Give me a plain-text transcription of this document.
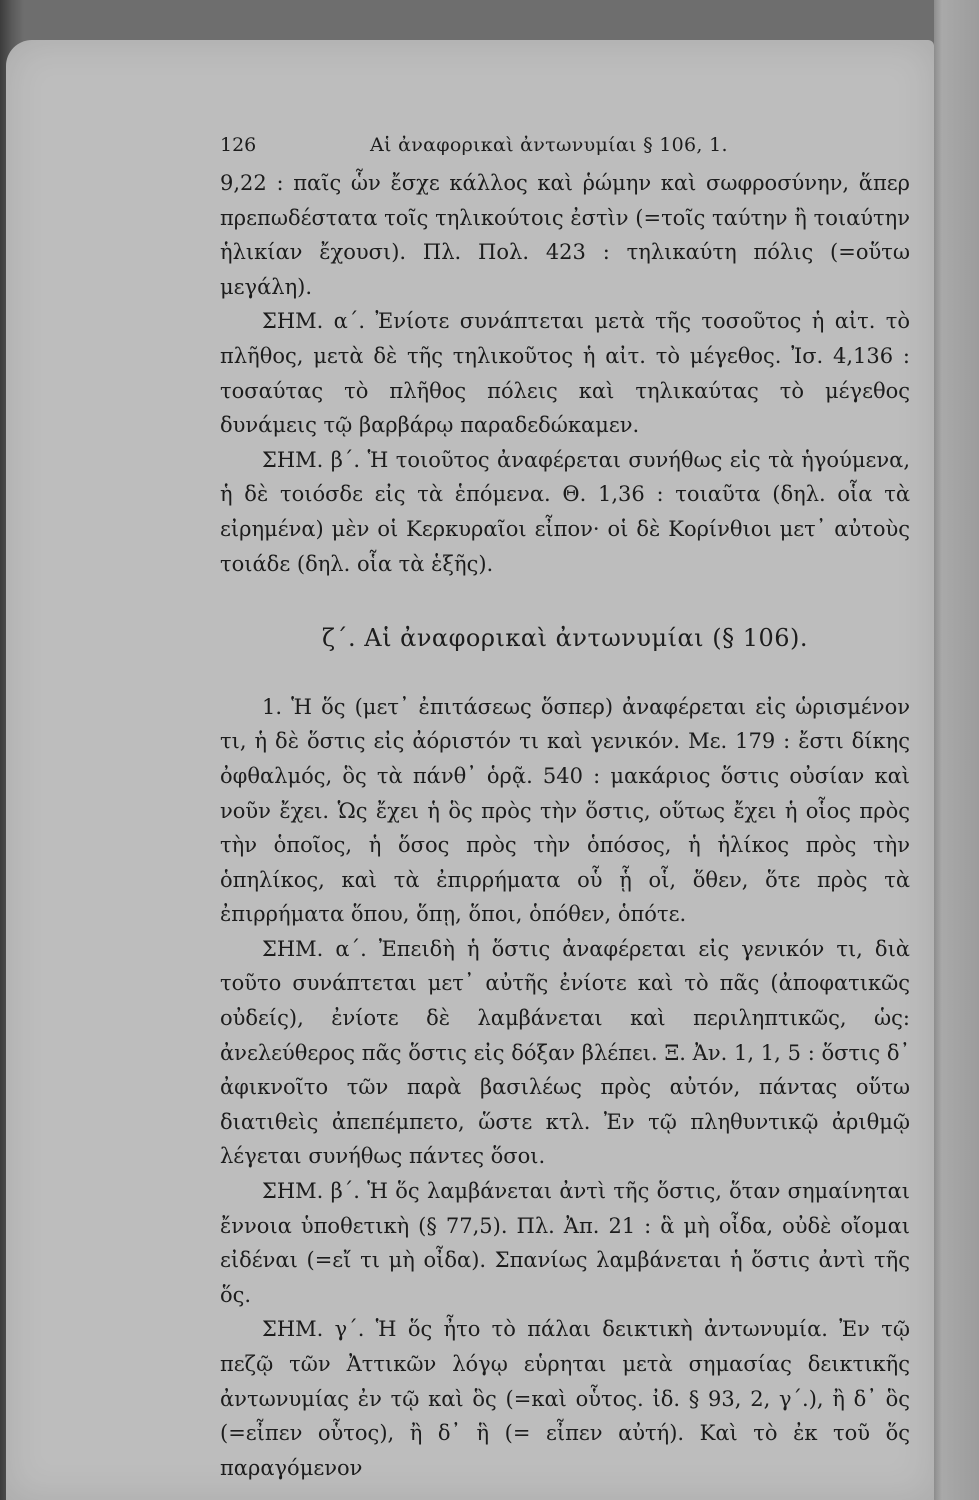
126	Αἱ ἀναφορικαὶ ἀντωνυμίαι § 106, 1.

9,22 : παῖς ὧν ἔσχε κάλλος καὶ ῥώμην καὶ σωφροσύνην, ἅπερ πρεπωδέστατα τοῖς τηλικούτοις ἐστὶν (=τοῖς ταύτην ἢ τοιαύτην ἡλικίαν ἔχουσι). Πλ. Πολ. 423 : τηλικαύτη πόλις (=οὕτω μεγάλη).

ΣΗΜ. α΄. Ἐνίοτε συνάπτεται μετὰ τῆς τοσοῦτος ἡ αἰτ. τὸ πλῆθος, μετὰ δὲ τῆς τηλικοῦτος ἡ αἰτ. τὸ μέγεθος. Ἰσ. 4,136 : τοσαύτας τὸ πλῆθος πόλεις καὶ τηλικαύτας τὸ μέγεθος δυνάμεις τῷ βαρβάρῳ παραδεδώκαμεν.

ΣΗΜ. β΄. Ἡ τοιοῦτος ἀναφέρεται συνήθως εἰς τὰ ἡγούμενα, ἡ δὲ τοιόσδε εἰς τὰ ἑπόμενα. Θ. 1,36 : τοιαῦτα (δηλ. οἷα τὰ εἰρημένα) μὲν οἱ Κερκυραῖοι εἶπον· οἱ δὲ Κορίνθιοι μετ᾽ αὐτοὺς τοιάδε (δηλ. οἷα τὰ ἑξῆς).

ζ΄. Αἱ ἀναφορικαὶ ἀντωνυμίαι (§ 106).

1. Ἡ ὅς (μετ᾽ ἐπιτάσεως ὅσπερ) ἀναφέρεται εἰς ὡρισμένον τι, ἡ δὲ ὅστις εἰς ἀόριστόν τι καὶ γενικόν. Με. 179 : ἔστι δίκης ὀφθαλμός, ὃς τὰ πάνθ᾽ ὁρᾷ. 540 : μακάριος ὅστις οὐσίαν καὶ νοῦν ἔχει. Ὡς ἔχει ἡ ὃς πρὸς τὴν ὅστις, οὕτως ἔχει ἡ οἷος πρὸς τὴν ὁποῖος, ἡ ὅσος πρὸς τὴν ὁπόσος, ἡ ἡλίκος πρὸς τὴν ὁπηλίκος, καὶ τὰ ἐπιρρήματα οὗ ᾗ οἷ, ὅθεν, ὅτε πρὸς τὰ ἐπιρρήματα ὅπου, ὅπῃ, ὅποι, ὁπόθεν, ὁπότε.

ΣΗΜ. α΄. Ἐπειδὴ ἡ ὅστις ἀναφέρεται εἰς γενικόν τι, διὰ τοῦτο συνάπτεται μετ᾽ αὐτῆς ἐνίοτε καὶ τὸ πᾶς (ἀποφατικῶς οὐδείς), ἐνίοτε δὲ λαμβάνεται καὶ περιληπτικῶς, ὡς: ἀνελεύθερος πᾶς ὅστις εἰς δόξαν βλέπει. Ξ. Ἀν. 1, 1, 5 : ὅστις δ᾽ ἀφικνοῖτο τῶν παρὰ βασιλέως πρὸς αὐτόν, πάντας οὕτω διατιθεὶς ἀπεπέμπετο, ὥστε κτλ. Ἐν τῷ πληθυντικῷ ἀριθμῷ λέγεται συνήθως πάντες ὅσοι.

ΣΗΜ. β΄. Ἡ ὅς λαμβάνεται ἀντὶ τῆς ὅστις, ὅταν σημαίνηται ἔννοια ὑποθετικὴ (§ 77,5). Πλ. Ἀπ. 21 : ἃ μὴ οἶδα, οὐδὲ οἴομαι εἰδέναι (=εἴ τι μὴ οἶδα). Σπανίως λαμβάνεται ἡ ὅστις ἀντὶ τῆς ὅς.

ΣΗΜ. γ΄. Ἡ ὅς ἦτο τὸ πάλαι δεικτικὴ ἀντωνυμία. Ἐν τῷ πεζῷ τῶν Ἀττικῶν λόγῳ εὑρηται μετὰ σημασίας δεικτικῆς ἀντωνυμίας ἐν τῷ καὶ ὃς (=καὶ οὗτος. ἰδ. § 93, 2, γ΄.), ἢ δ᾽ ὃς (=εἶπεν οὗτος), ἢ δ᾽ ἣ (= εἶπεν αὐτή). Καὶ τὸ ἐκ τοῦ ὅς παραγόμενον
